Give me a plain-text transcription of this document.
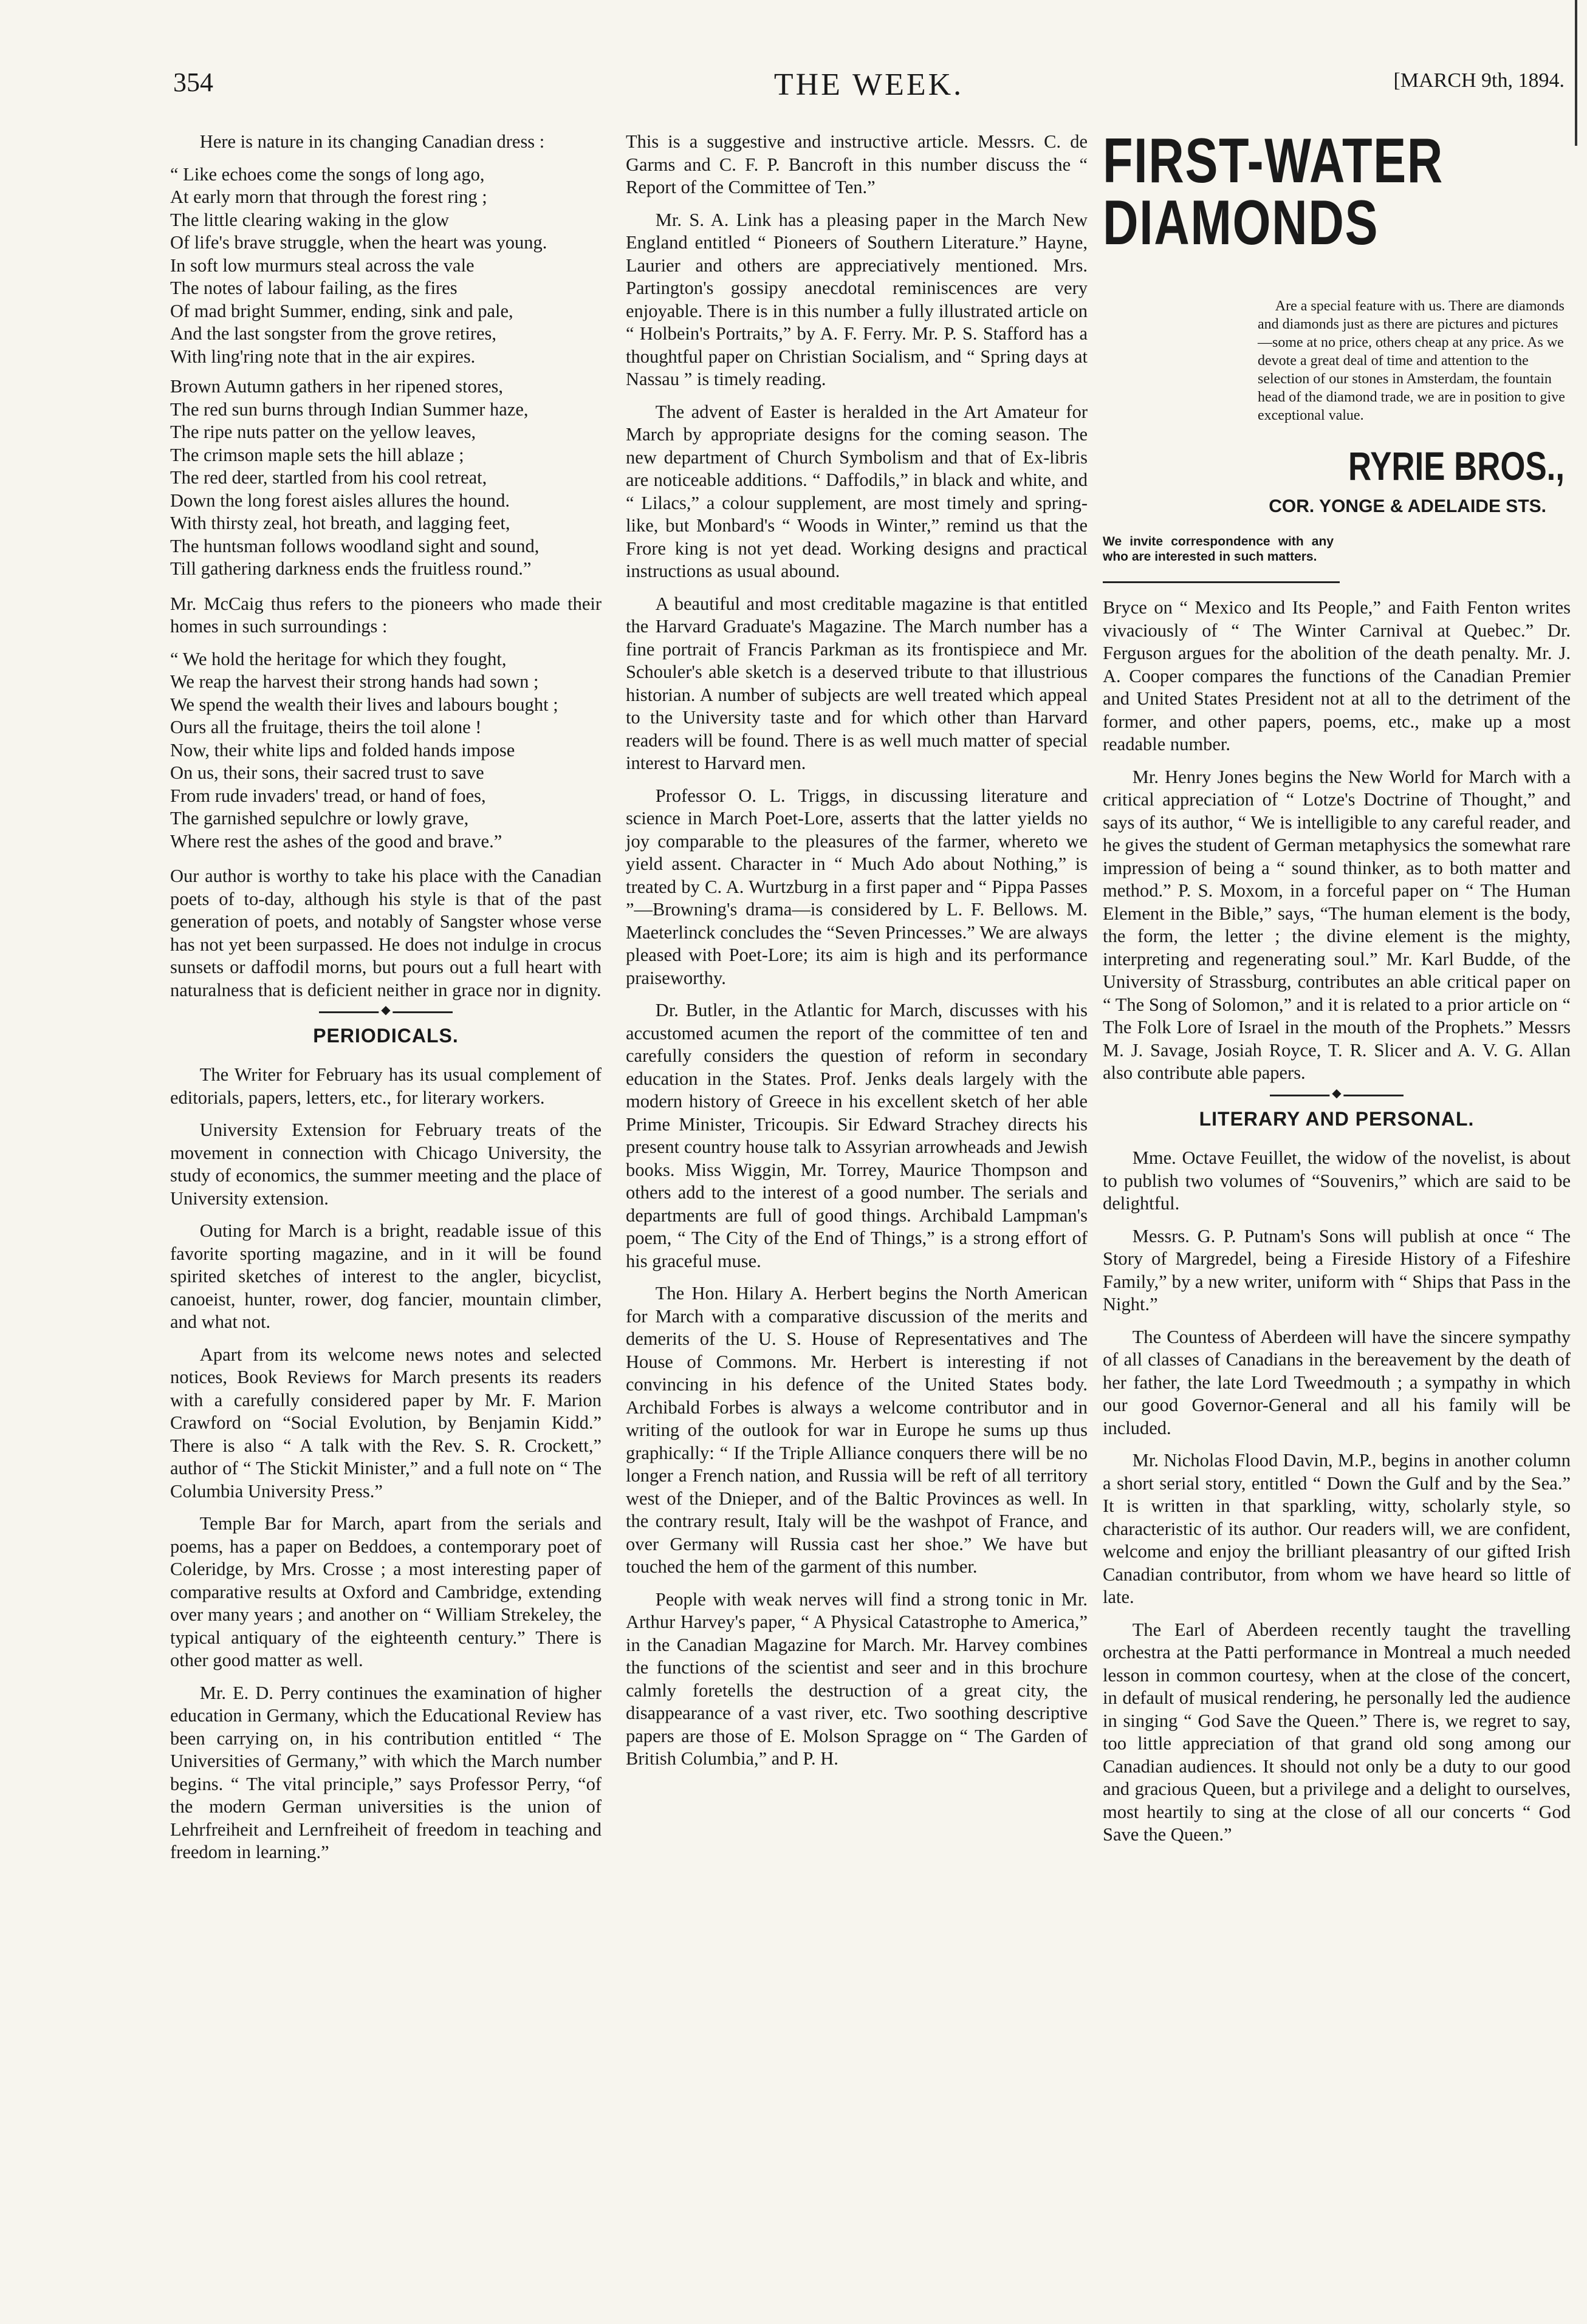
354	THE WEEK.	[MARCH 9th, 1894.

Here is nature in its changing Canadian dress :

“ Like echoes come the songs of long ago,

At early morn that through the forest ring ;

The little clearing waking in the glow

Of life's brave struggle, when the heart was young.

In soft low murmurs steal across the vale

The notes of labour failing, as the fires

Of mad bright Summer, ending, sink and pale,

And the last songster from the grove retires,

With ling'ring note that in the air expires.

Brown Autumn gathers in her ripened stores,

The red sun burns through Indian Summer haze,

The ripe nuts patter on the yellow leaves,

The crimson maple sets the hill ablaze ;

The red deer, startled from his cool retreat,

Down the long forest aisles allures the hound.

With thirsty zeal, hot breath, and lagging feet,

The huntsman follows woodland sight and sound,

Till gathering darkness ends the fruitless round.”

Mr. McCaig thus refers to the pioneers who made their homes in such surroundings :

“ We hold the heritage for which they fought,

We reap the harvest their strong hands had sown ;

We spend the wealth their lives and labours bought ;

Ours all the fruitage, theirs the toil alone !

Now, their white lips and folded hands impose

On us, their sons, their sacred trust to save

From rude invaders' tread, or hand of foes,

The garnished sepulchre or lowly grave,

Where rest the ashes of the good and brave.”

Our author is worthy to take his place with the Canadian poets of to-day, although his style is that of the past generation of poets, and notably of Sangster whose verse has not yet been surpassed. He does not indulge in crocus sunsets or daffodil morns, but pours out a full heart with naturalness that is deficient neither in grace nor in dignity.

◆
PERIODICALS.

The Writer for February has its usual complement of editorials, papers, letters, etc., for literary workers.

University Extension for February treats of the movement in connection with Chicago University, the study of economics, the summer meeting and the place of University extension.

Outing for March is a bright, readable issue of this favorite sporting magazine, and in it will be found spirited sketches of interest to the angler, bicyclist, canoeist, hunter, rower, dog fancier, mountain climber, and what not.

Apart from its welcome news notes and selected notices, Book Reviews for March presents its readers with a carefully considered paper by Mr. F. Marion Crawford on “Social Evolution, by Benjamin Kidd.” There is also “ A talk with the Rev. S. R. Crockett,” author of “ The Stickit Minister,” and a full note on “ The Columbia University Press.”

Temple Bar for March, apart from the serials and poems, has a paper on Beddoes, a contemporary poet of Coleridge, by Mrs. Crosse ; a most interesting paper of comparative results at Oxford and Cambridge, extending over many years ; and another on “ William Strekeley, the typical antiquary of the eighteenth century.” There is other good matter as well.

Mr. E. D. Perry continues the examination of higher education in Germany, which the Educational Review has been carrying on, in his contribution entitled “ The Universities of Germany,” with which the March number begins. “ The vital principle,” says Professor Perry, “of the modern German universities is the union of Lehrfreiheit and Lernfreiheit of freedom in teaching and freedom in learning.”

This is a suggestive and instructive article. Messrs. C. de Garms and C. F. P. Bancroft in this number discuss the “ Report of the Committee of Ten.”

Mr. S. A. Link has a pleasing paper in the March New England entitled “ Pioneers of Southern Literature.” Hayne, Laurier and others are appreciatively mentioned. Mrs. Partington's gossipy anecdotal reminiscences are very enjoyable. There is in this number a fully illustrated article on “ Holbein's Portraits,” by A. F. Ferry. Mr. P. S. Stafford has a thoughtful paper on Christian Socialism, and “ Spring days at Nassau ” is timely reading.

The advent of Easter is heralded in the Art Amateur for March by appropriate designs for the coming season. The new department of Church Symbolism and that of Ex-libris are noticeable additions. “ Daffodils,” in black and white, and “ Lilacs,” a colour supplement, are most timely and spring-like, but Monbard's “ Woods in Winter,” remind us that the Frore king is not yet dead. Working designs and practical instructions as usual abound.

A beautiful and most creditable magazine is that entitled the Harvard Graduate's Magazine. The March number has a fine portrait of Francis Parkman as its frontispiece and Mr. Schouler's able sketch is a deserved tribute to that illustrious historian. A number of subjects are well treated which appeal to the University taste and for which other than Harvard readers will be found. There is as well much matter of special interest to Harvard men.

Professor O. L. Triggs, in discussing literature and science in March Poet-Lore, asserts that the latter yields no joy comparable to the pleasures of the farmer, whereto we yield assent. Character in “ Much Ado about Nothing,” is treated by C. A. Wurtzburg in a first paper and “ Pippa Passes ”—Browning's drama—is considered by L. F. Bellows. M. Maeterlinck concludes the “Seven Princesses.” We are always pleased with Poet-Lore; its aim is high and its performance praiseworthy.

Dr. Butler, in the Atlantic for March, discusses with his accustomed acumen the report of the committee of ten and carefully considers the question of reform in secondary education in the States. Prof. Jenks deals largely with the modern history of Greece in his excellent sketch of her able Prime Minister, Tricoupis. Sir Edward Strachey directs his present country house talk to Assyrian arrowheads and Jewish books. Miss Wiggin, Mr. Torrey, Maurice Thompson and others add to the interest of a good number. The serials and departments are full of good things. Archibald Lampman's poem, “ The City of the End of Things,” is a strong effort of his graceful muse.

The Hon. Hilary A. Herbert begins the North American for March with a comparative discussion of the merits and demerits of the U. S. House of Representatives and The House of Commons. Mr. Herbert is interesting if not convincing in his defence of the United States body. Archibald Forbes is always a welcome contributor and in writing of the outlook for war in Europe he sums up thus graphically: “ If the Triple Alliance conquers there will be no longer a French nation, and Russia will be reft of all territory west of the Dnieper, and of the Baltic Provinces as well. In the contrary result, Italy will be the washpot of France, and over Germany will Russia cast her shoe.” We have but touched the hem of the garment of this number.

People with weak nerves will find a strong tonic in Mr. Arthur Harvey's paper, “ A Physical Catastrophe to America,” in the Canadian Magazine for March. Mr. Harvey combines the functions of the scientist and seer and in this brochure calmly foretells the destruction of a great city, the disappearance of a vast river, etc. Two soothing descriptive papers are those of E. Molson Spragge on “ The Garden of British Columbia,” and P. H.

FIRST-WATER
DIAMONDS

Are a special feature with us. There are diamonds and diamonds just as there are pictures and pictures—some at no price, others cheap at any price. As we devote a great deal of time and attention to the selection of our stones in Amsterdam, the fountain head of the diamond trade, we are in position to give exceptional value.

RYRIE BROS.,
COR. YONGE & ADELAIDE STS.
We invite correspondence with any who are interested in such matters.

Bryce on “ Mexico and Its People,” and Faith Fenton writes vivaciously of “ The Winter Carnival at Quebec.” Dr. Ferguson argues for the abolition of the death penalty. Mr. J. A. Cooper compares the functions of the Canadian Premier and United States President not at all to the detriment of the former, and other papers, poems, etc., make up a most readable number.

Mr. Henry Jones begins the New World for March with a critical appreciation of “ Lotze's Doctrine of Thought,” and says of its author, “ We is intelligible to any careful reader, and he gives the student of German metaphysics the somewhat rare impression of being a “ sound thinker, as to both matter and method.” P. S. Moxom, in a forceful paper on “ The Human Element in the Bible,” says, “The human element is the body, the form, the letter ; the divine element is the mighty, interpreting and regenerating soul.” Mr. Karl Budde, of the University of Strassburg, contributes an able critical paper on “ The Song of Solomon,” and it is related to a prior article on “ The Folk Lore of Israel in the mouth of the Prophets.” Messrs M. J. Savage, Josiah Royce, T. R. Slicer and A. V. G. Allan also contribute able papers.

◆
LITERARY AND PERSONAL.

Mme. Octave Feuillet, the widow of the novelist, is about to publish two volumes of “Souvenirs,” which are said to be delightful.

Messrs. G. P. Putnam's Sons will publish at once “ The Story of Margredel, being a Fireside History of a Fifeshire Family,” by a new writer, uniform with “ Ships that Pass in the Night.”

The Countess of Aberdeen will have the sincere sympathy of all classes of Canadians in the bereavement by the death of her father, the late Lord Tweedmouth ; a sympathy in which our good Governor-General and all his family will be included.

Mr. Nicholas Flood Davin, M.P., begins in another column a short serial story, entitled “ Down the Gulf and by the Sea.” It is written in that sparkling, witty, scholarly style, so characteristic of its author. Our readers will, we are confident, welcome and enjoy the brilliant pleasantry of our gifted Irish Canadian contributor, from whom we have heard so little of late.

The Earl of Aberdeen recently taught the travelling orchestra at the Patti performance in Montreal a much needed lesson in common courtesy, when at the close of the concert, in default of musical rendering, he personally led the audience in singing “ God Save the Queen.” There is, we regret to say, too little appreciation of that grand old song among our Canadian audiences. It should not only be a duty to our good and gracious Queen, but a privilege and a delight to ourselves, most heartily to sing at the close of all our concerts “ God Save the Queen.”
